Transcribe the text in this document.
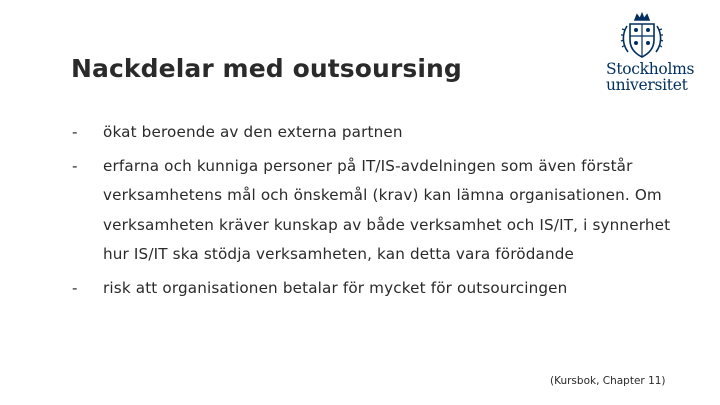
Nackdelar med outsoursing	Stockholms
universitet
- ökat beroende av den externa partnen
- erfarna och kunniga personer på IT/IS-avdelningen som även förstår
verksamhetens mål och önskemål (krav) kan lämna organisationen. Om
verksamheten kräver kunskap av både verksamhet och IS/IT, i synnerhet
hur IS/IT ska stödja verksamheten, kan detta vara förödande
- risk att organisationen betalar för mycket för outsourcingen
(Kursbok, Chapter 11)
